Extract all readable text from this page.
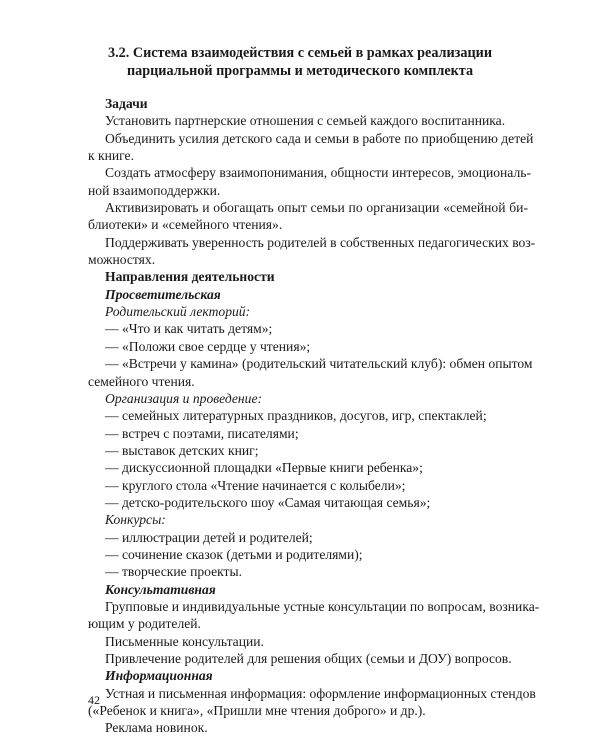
3.2. Система взаимодействия с семьей в рамках реализации
парциальной программы и методического комплекта
Задачи
Установить партнерские отношения с семьей каждого воспитанника.
Объединить усилия детского сада и семьи в работе по приобщению детей
к книге.
Создать атмосферу взаимопонимания, общности интересов, эмоциональ-
ной взаимоподдержки.
Активизировать и обогащать опыт семьи по организации «семейной би-
блиотеки» и «семейного чтения».
Поддерживать уверенность родителей в собственных педагогических воз-
можностях.
Направления деятельности
Просветительская
Родительский лекторий:
— «Что и как читать детям»;
— «Положи свое сердце у чтения»;
— «Встречи у камина» (родительский читательский клуб): обмен опытом
семейного чтения.
Организация и проведение:
— семейных литературных праздников, досугов, игр, спектаклей;
— встреч с поэтами, писателями;
— выставок детских книг;
— дискуссионной площадки «Первые книги ребенка»;
— круглого стола «Чтение начинается с колыбели»;
— детско-родительского шоу «Самая читающая семья»;
Конкурсы:
— иллюстрации детей и родителей;
— сочинение сказок (детьми и родителями);
— творческие проекты.
Консультативная
Групповые и индивидуальные устные консультации по вопросам, возника-
ющим у родителей.
Письменные консультации.
Привлечение родителей для решения общих (семьи и ДОУ) вопросов.
Информационная
Устная и письменная информация: оформление информационных стендов
(«Ребенок и книга», «Пришли мне чтения доброго» и др.).
Реклама новинок.
42
